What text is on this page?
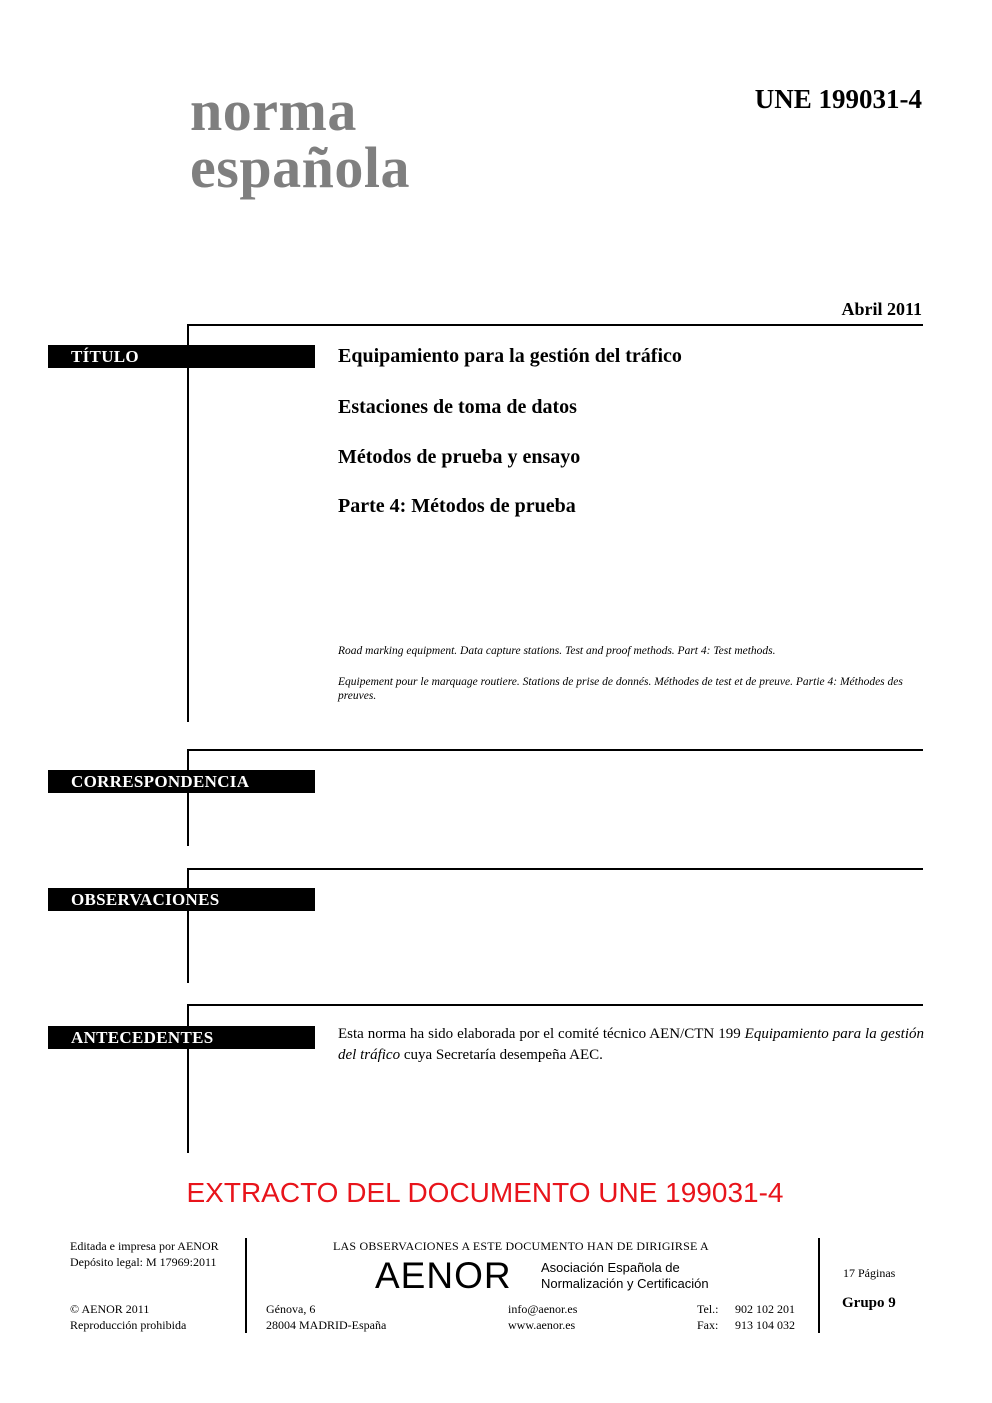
norma
española
UNE 199031-4
Abril 2011
TÍTULO	Equipamiento para la gestión del tráfico
Estaciones de toma de datos
Métodos de prueba y ensayo
Parte 4: Métodos de prueba
Road marking equipment. Data capture stations. Test and proof methods. Part 4: Test methods.
Equipement pour le marquage routiere. Stations de prise de donnés. Méthodes de test et de preuve. Partie 4: Méthodes des preuves.
CORRESPONDENCIA
OBSERVACIONES
ANTECEDENTES	Esta norma ha sido elaborada por el comité técnico AEN/CTN 199 Equipamiento para la gestión del tráfico cuya Secretaría desempeña AEC.
EXTRACTO DEL DOCUMENTO UNE 199031-4
Editada e impresa por AENOR
Depósito legal: M 17969:2011
© AENOR 2011
Reproducción prohibida
LAS OBSERVACIONES A ESTE DOCUMENTO HAN DE DIRIGIRSE A
AENOR Asociación Española de
Normalización y Certificación
Génova, 6
28004 MADRID-España
info@aenor.es
www.aenor.es
Tel.:
Fax:
902 102 201
913 104 032
17 Páginas
Grupo 9
